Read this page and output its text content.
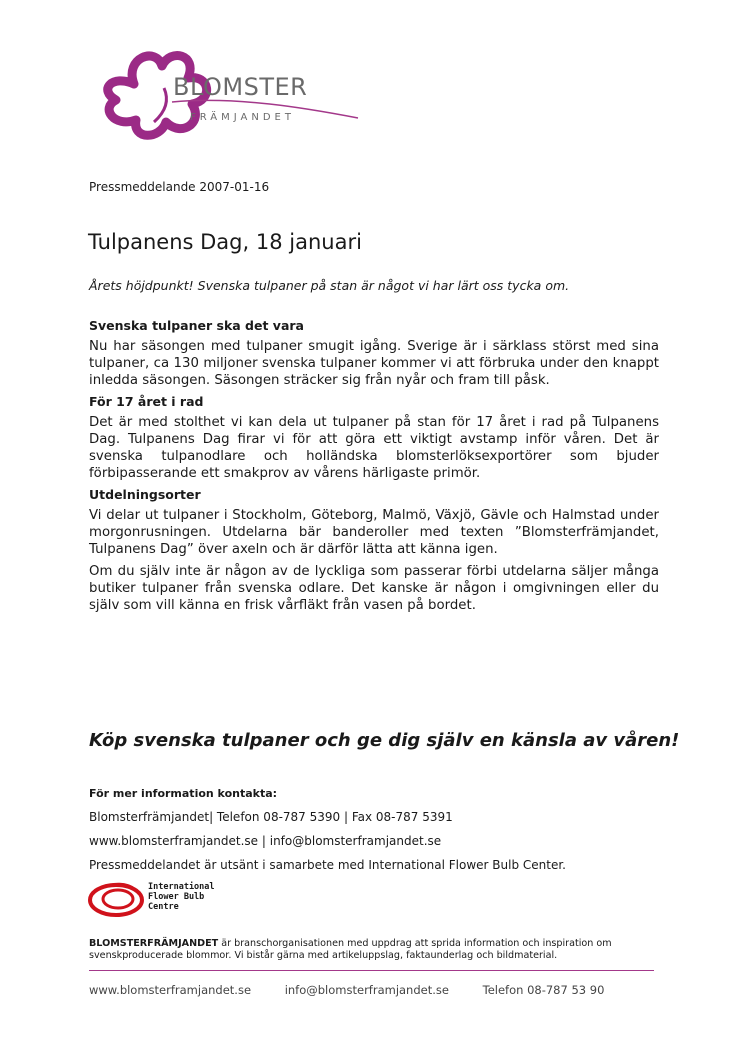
BLOMSTER
FRÄMJANDET
Pressmeddelande 2007-01-16
Tulpanens Dag, 18 januari
Årets höjdpunkt! Svenska tulpaner på stan är något vi har lärt oss tycka om.
Svenska tulpaner ska det vara

Nu har säsongen med tulpaner smugit igång. Sverige är i särklass störst med sina tulpaner, ca 130 miljoner svenska tulpaner kommer vi att förbruka under den knappt inledda säsongen. Säsongen sträcker sig från nyår och fram till påsk.

För 17 året i rad

Det är med stolthet vi kan dela ut tulpaner på stan för 17 året i rad på Tulpanens Dag. Tulpanens Dag firar vi för att göra ett viktigt avstamp inför våren. Det är svenska tulpanodlare och holländska blomsterlöksexportörer som bjuder förbipasserande ett smakprov av vårens härligaste primör.

Utdelningsorter

Vi delar ut tulpaner i Stockholm, Göteborg, Malmö, Växjö, Gävle och Halmstad under morgonrusningen. Utdelarna bär banderoller med texten ”Blomsterfrämjandet, Tulpanens Dag” över axeln och är därför lätta att känna igen.

Om du själv inte är någon av de lyckliga som passerar förbi utdelarna säljer många butiker tulpaner från svenska odlare. Det kanske är någon i omgivningen eller du själv som vill känna en frisk vårfläkt från vasen på bordet.

Köp svenska tulpaner och ge dig själv en känsla av våren!
För mer information kontakta:
Blomsterfrämjandet| Telefon 08-787 5390 | Fax 08-787 5391
www.blomsterframjandet.se | info@blomsterframjandet.se
Pressmeddelandet är utsänt i samarbete med International Flower Bulb Center.
International
Flower Bulb
Centre
BLOMSTERFRÄMJANDET är branschorganisationen med uppdrag att sprida information och inspiration om svenskproducerade blommor. Vi bistår gärna med artikeluppslag, faktaunderlag och bildmaterial.
www.blomsterframjandet.se	info@blomsterframjandet.se	Telefon 08-787 53 90
